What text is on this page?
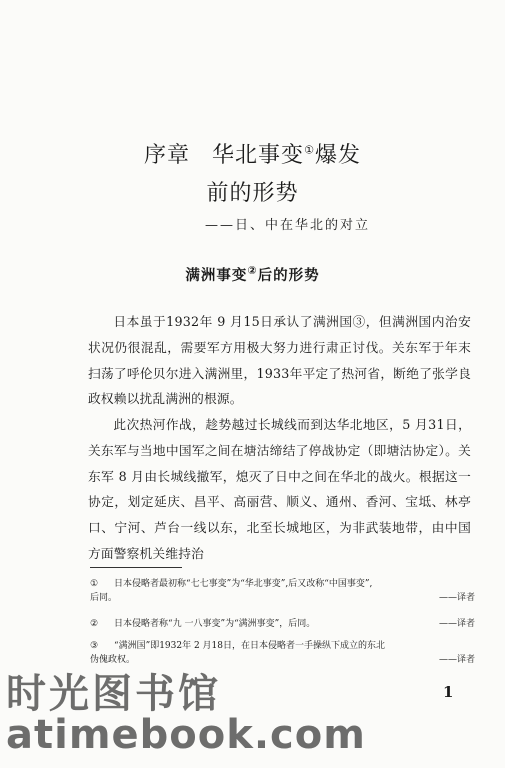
序章 华北事变①爆发
前的形势
——日、中在华北的对立
满洲事变②后的形势

日本虽于1932年 9 月15日承认了满洲国③，但满洲国内治安状况仍很混乱，需要军方用极大努力进行肃正讨伐。关东军于年末扫荡了呼伦贝尔进入满洲里，1933年平定了热河省，断绝了张学良政权赖以扰乱满洲的根源。

此次热河作战，趁势越过长城线而到达华北地区，5 月31日，关东军与当地中国军之间在塘沽缔结了停战协定（即塘沽协定）。关东军 8 月由长城线撤军，熄灭了日中之间在华北的战火。根据这一协定，划定延庆、昌平、高丽营、顺义、通州、香河、宝坻、林亭口、宁河、芦台一线以东，北至长城地区，为非武装地带，由中国方面警察机关维持治

① 日本侵略者最初称“七七事变”为“华北事变”,后又改称“中国事变”,
后同。	——译者
② 日本侵略者称“九 一八事变”为“满洲事变”，后同。	——译者
③ “满洲国”即1932年 2 月18日，在日本侵略者一手操纵下成立的东北
伪傀政权。	——译者
1
时光图书馆
atimebook.com
